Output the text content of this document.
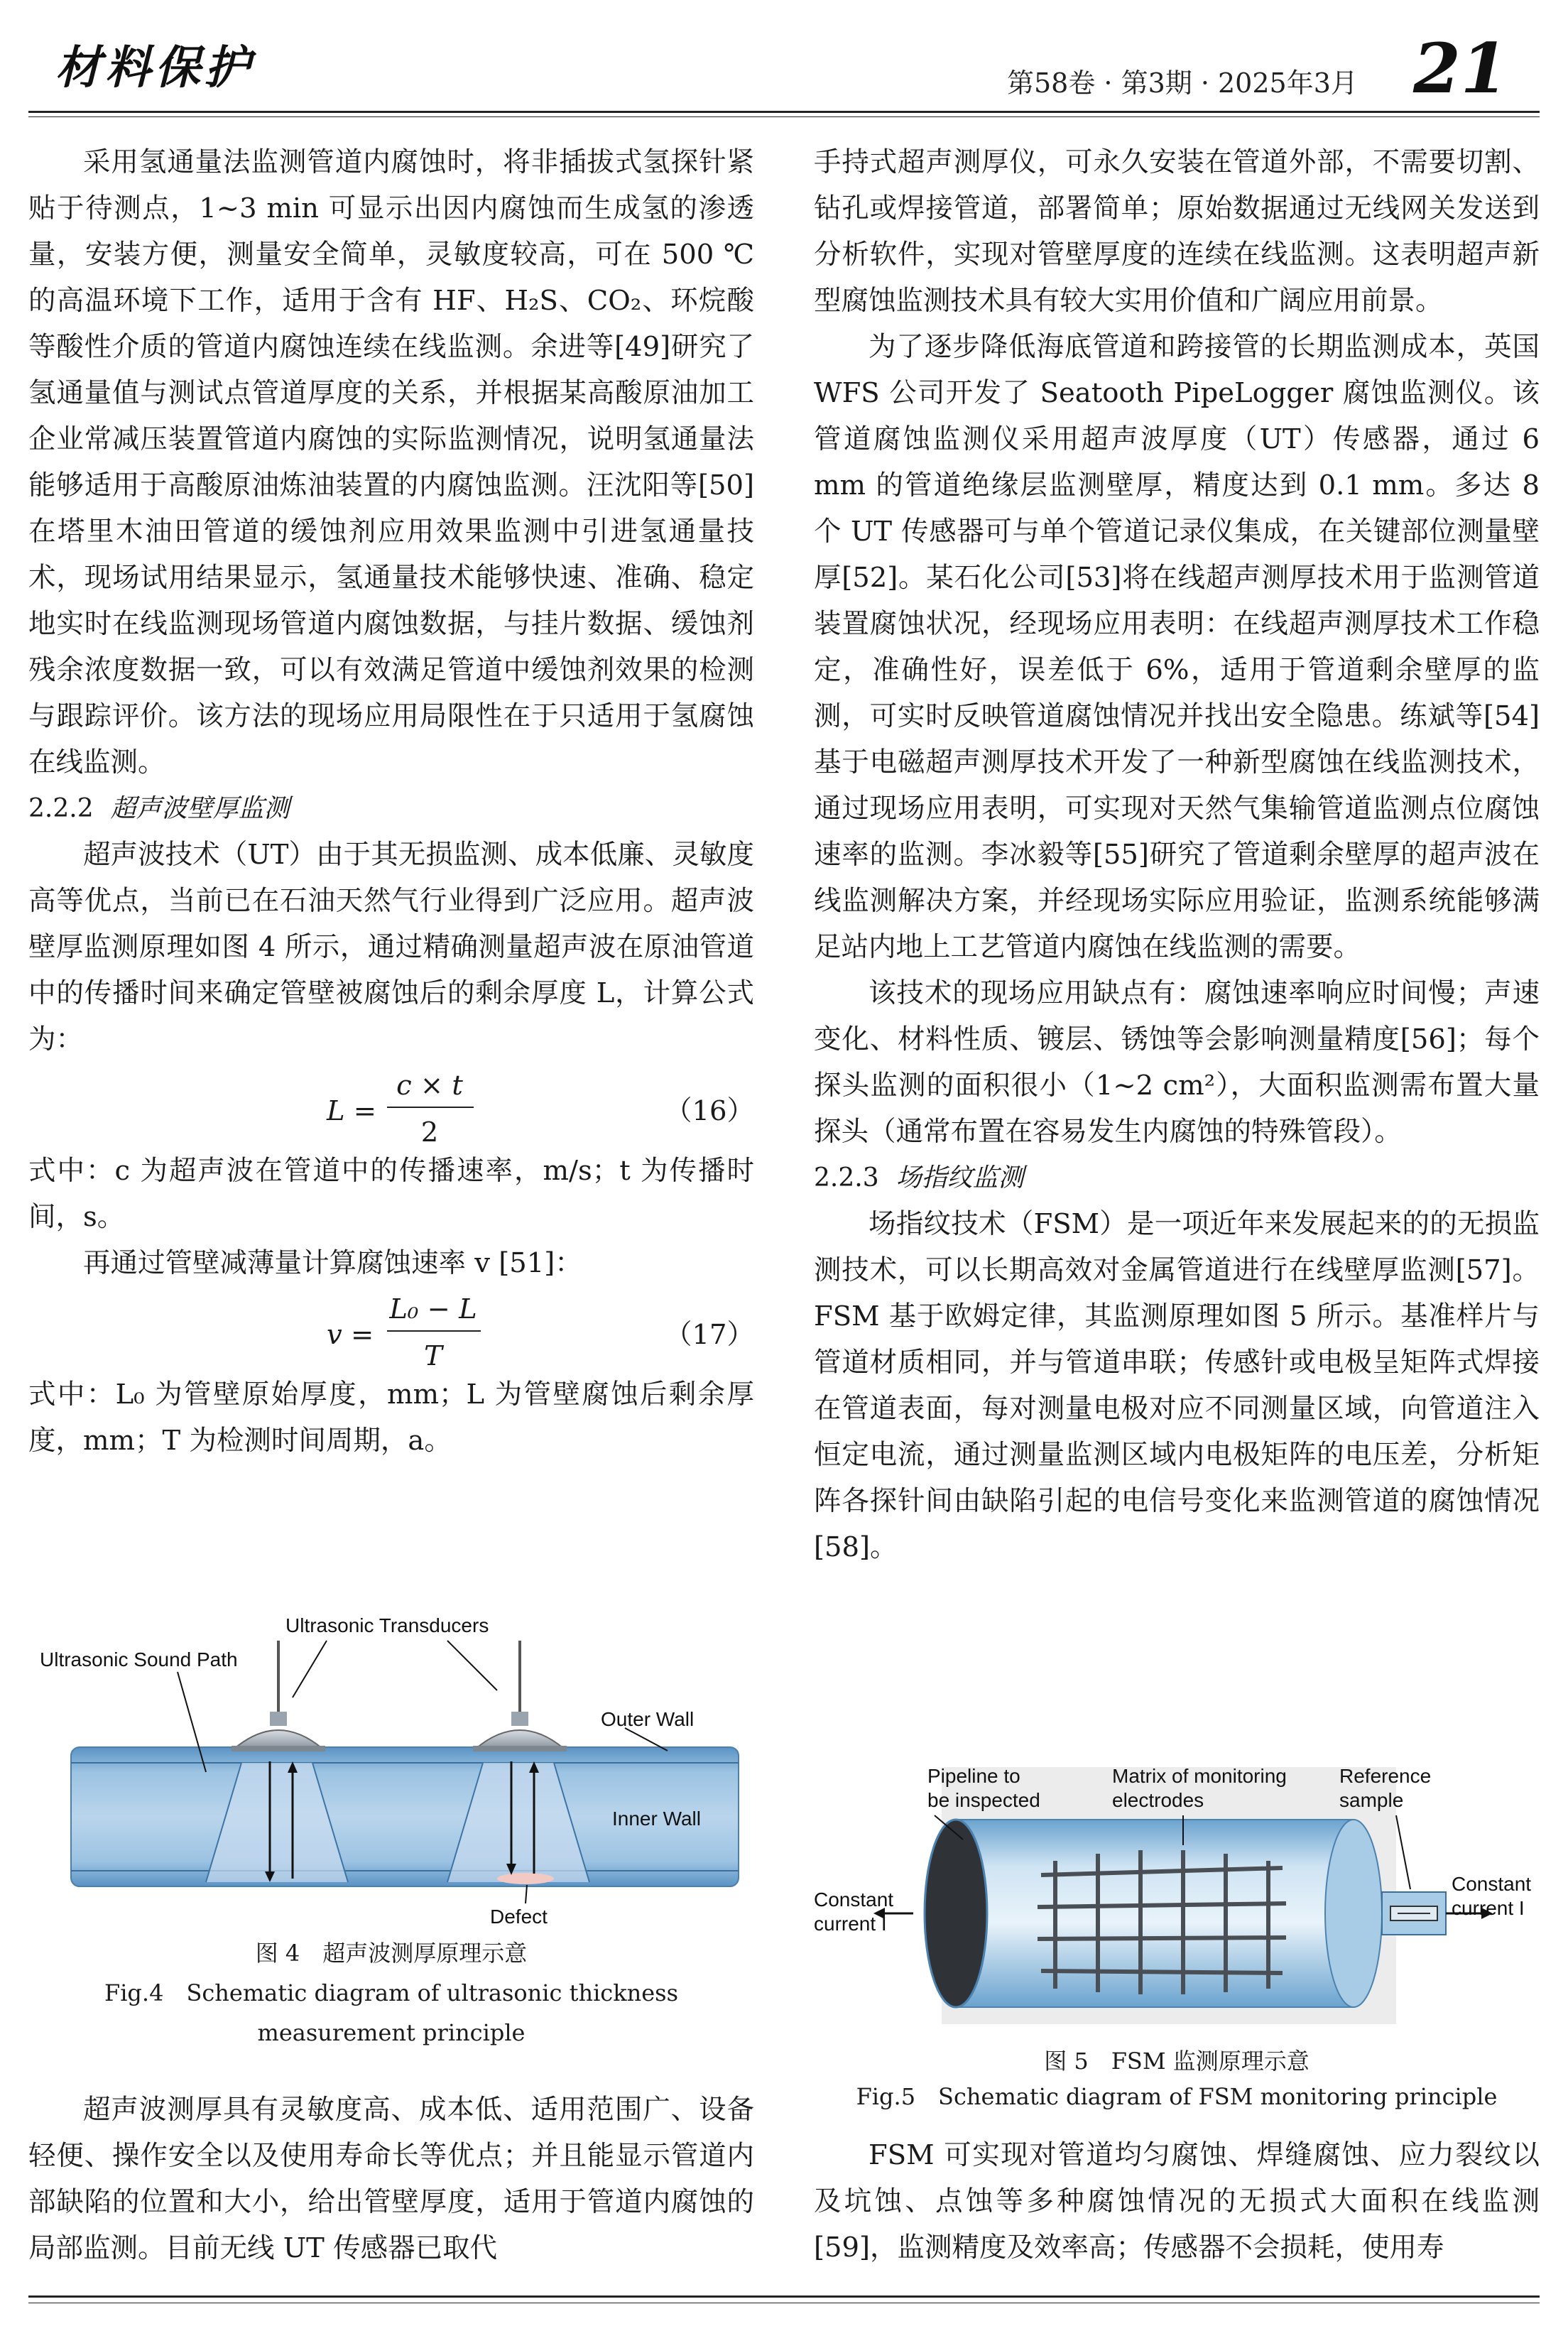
材料保护	第58卷 · 第3期 · 2025年3月 21

采用氢通量法监测管道内腐蚀时，将非插拔式氢探针紧贴于待测点，1~3 min 可显示出因内腐蚀而生成氢的渗透量，安装方便，测量安全简单，灵敏度较高，可在 500 ℃ 的高温环境下工作，适用于含有 HF、H₂S、CO₂、环烷酸等酸性介质的管道内腐蚀连续在线监测。余进等[49]研究了氢通量值与测试点管道厚度的关系，并根据某高酸原油加工企业常减压装置管道内腐蚀的实际监测情况，说明氢通量法能够适用于高酸原油炼油装置的内腐蚀监测。汪沈阳等[50]在塔里木油田管道的缓蚀剂应用效果监测中引进氢通量技术，现场试用结果显示，氢通量技术能够快速、准确、稳定地实时在线监测现场管道内腐蚀数据，与挂片数据、缓蚀剂残余浓度数据一致，可以有效满足管道中缓蚀剂效果的检测与跟踪评价。该方法的现场应用局限性在于只适用于氢腐蚀在线监测。

2.2.2 超声波壁厚监测

超声波技术（UT）由于其无损监测、成本低廉、灵敏度高等优点，当前已在石油天然气行业得到广泛应用。超声波壁厚监测原理如图 4 所示，通过精确测量超声波在原油管道中的传播时间来确定管壁被腐蚀后的剩余厚度 L，计算公式为：

L =
c × t
2
（16）

式中：c 为超声波在管道中的传播速率，m/s；t 为传播时间，s。

再通过管壁减薄量计算腐蚀速率 v [51]：

v =
L₀ − L
T
（17）

式中：L₀ 为管壁原始厚度，mm；L 为管壁腐蚀后剩余厚度，mm；T 为检测时间周期，a。

Ultrasonic Transducers
Ultrasonic Sound Path
Outer Wall
Inner Wall
Defect
图 4　超声波测厚原理示意
Fig.4　Schematic diagram of ultrasonic thickness
measurement principle

超声波测厚具有灵敏度高、成本低、适用范围广、设备轻便、操作安全以及使用寿命长等优点；并且能显示管道内部缺陷的位置和大小，给出管壁厚度，适用于管道内腐蚀的局部监测。目前无线 UT 传感器已取代

手持式超声测厚仪，可永久安装在管道外部，不需要切割、钻孔或焊接管道，部署简单；原始数据通过无线网关发送到分析软件，实现对管壁厚度的连续在线监测。这表明超声新型腐蚀监测技术具有较大实用价值和广阔应用前景。

为了逐步降低海底管道和跨接管的长期监测成本，英国 WFS 公司开发了 Seatooth PipeLogger 腐蚀监测仪。该管道腐蚀监测仪采用超声波厚度（UT）传感器，通过 6 mm 的管道绝缘层监测壁厚，精度达到 0.1 mm。多达 8 个 UT 传感器可与单个管道记录仪集成，在关键部位测量壁厚[52]。某石化公司[53]将在线超声测厚技术用于监测管道装置腐蚀状况，经现场应用表明：在线超声测厚技术工作稳定，准确性好，误差低于 6%，适用于管道剩余壁厚的监测，可实时反映管道腐蚀情况并找出安全隐患。练斌等[54]基于电磁超声测厚技术开发了一种新型腐蚀在线监测技术，通过现场应用表明，可实现对天然气集输管道监测点位腐蚀速率的监测。李冰毅等[55]研究了管道剩余壁厚的超声波在线监测解决方案，并经现场实际应用验证，监测系统能够满足站内地上工艺管道内腐蚀在线监测的需要。

该技术的现场应用缺点有：腐蚀速率响应时间慢；声速变化、材料性质、镀层、锈蚀等会影响测量精度[56]；每个探头监测的面积很小（1~2 cm²），大面积监测需布置大量探头（通常布置在容易发生内腐蚀的特殊管段）。

2.2.3 场指纹监测

场指纹技术（FSM）是一项近年来发展起来的的无损监测技术，可以长期高效对金属管道进行在线壁厚监测[57]。FSM 基于欧姆定律，其监测原理如图 5 所示。基准样片与管道材质相同，并与管道串联；传感针或电极呈矩阵式焊接在管道表面，每对测量电极对应不同测量区域，向管道注入恒定电流，通过测量监测区域内电极矩阵的电压差，分析矩阵各探针间由缺陷引起的电信号变化来监测管道的腐蚀情况[58]。

Pipeline to
be inspected
Matrix of monitoring
electrodes
Reference
sample
Constant
current I
Constant
current I
图 5　FSM 监测原理示意
Fig.5　Schematic diagram of FSM monitoring principle

FSM 可实现对管道均匀腐蚀、焊缝腐蚀、应力裂纹以及坑蚀、点蚀等多种腐蚀情况的无损式大面积在线监测[59]，监测精度及效率高；传感器不会损耗，使用寿
